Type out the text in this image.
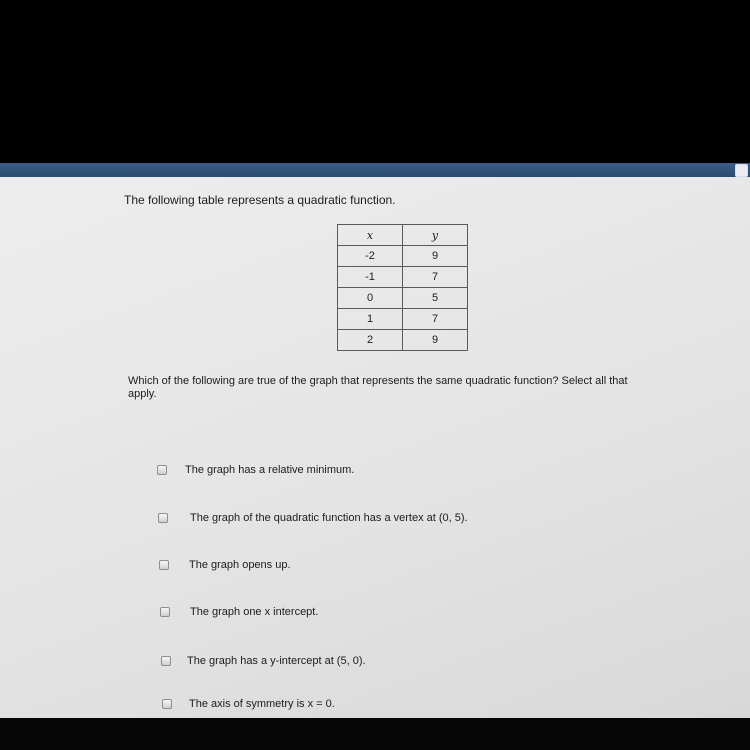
The following table represents a quadratic function.
x	y
-2	9
-1	7
0	5
1	7
2	9
Which of the following are true of the graph that represents the same quadratic function? Select all that apply.
The graph has a relative minimum.
The graph of the quadratic function has a vertex at (0, 5).
The graph opens up.
The graph one x intercept.
The graph has a y-intercept at (5, 0).
The axis of symmetry is x = 0.
